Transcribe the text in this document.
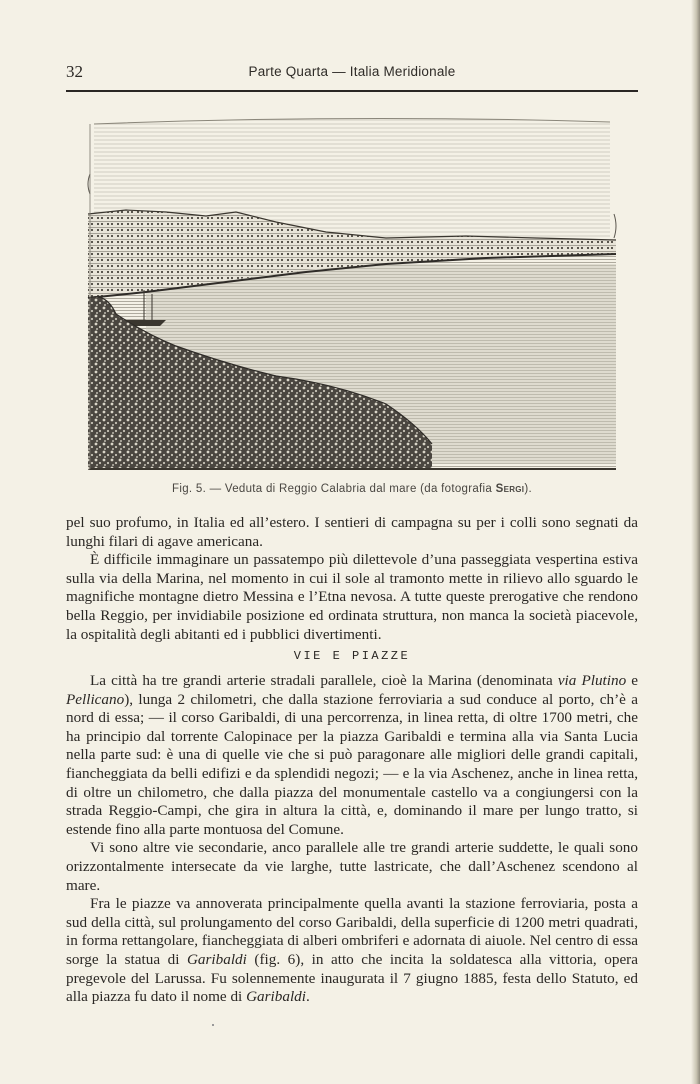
32	Parte Quarta — Italia Meridionale
Fig. 5. — Veduta di Reggio Calabria dal mare (da fotografia Sergi).

pel suo profumo, in Italia ed all’estero. I sentieri di campagna su per i colli sono segnati da lunghi filari di agave americana.

È difficile immaginare un passatempo più dilettevole d’una passeggiata vespertina estiva sulla via della Marina, nel momento in cui il sole al tramonto mette in rilievo allo sguardo le magnifiche montagne dietro Messina e l’Etna nevosa. A tutte queste prerogative che rendono bella Reggio, per invidiabile posizione ed ordinata struttura, non manca la società piacevole, la ospitalità degli abitanti ed i pubblici divertimenti.

VIE E PIAZZE

La città ha tre grandi arterie stradali parallele, cioè la Marina (denominata via Plutino e Pellicano), lunga 2 chilometri, che dalla stazione ferroviaria a sud conduce al porto, ch’è a nord di essa; — il corso Garibaldi, di una percorrenza, in linea retta, di oltre 1700 metri, che ha principio dal torrente Calopinace per la piazza Garibaldi e termina alla via Santa Lucia nella parte sud: è una di quelle vie che si può paragonare alle migliori delle grandi capitali, fiancheggiata da belli edifizi e da splendidi negozi; — e la via Aschenez, anche in linea retta, di oltre un chilometro, che dalla piazza del monumentale castello va a congiungersi con la strada Reggio-Campi, che gira in altura la città, e, dominando il mare per lungo tratto, si estende fino alla parte montuosa del Comune.

Vi sono altre vie secondarie, anco parallele alle tre grandi arterie suddette, le quali sono orizzontalmente intersecate da vie larghe, tutte lastricate, che dall’Aschenez scendono al mare.

Fra le piazze va annoverata principalmente quella avanti la stazione ferroviaria, posta a sud della città, sul prolungamento del corso Garibaldi, della superficie di 1200 metri quadrati, in forma rettangolare, fiancheggiata di alberi ombriferi e adornata di aiuole. Nel centro di essa sorge la statua di Garibaldi (fig. 6), in atto che incita la soldatesca alla vittoria, opera pregevole del Larussa. Fu solennemente inaugurata il 7 giugno 1885, festa dello Statuto, ed alla piazza fu dato il nome di Garibaldi.
